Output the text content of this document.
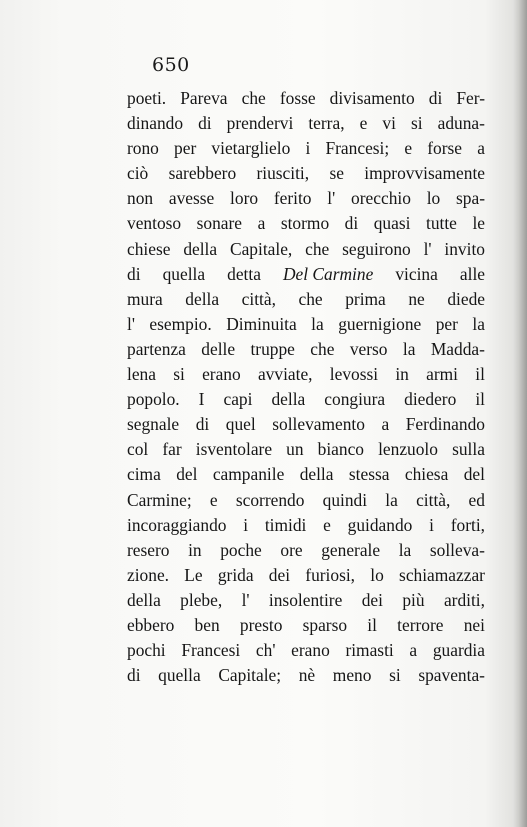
650
poeti. Pareva che fosse divisamento di Fer-
dinando di prendervi terra, e vi si aduna-
rono per vietarglielo i Francesi; e forse a
ciò sarebbero riusciti, se improvvisamente
non avesse loro ferito l' orecchio lo spa-
ventoso sonare a stormo di quasi tutte le
chiese della Capitale, che seguirono l' invito
di quella detta Del Carmine vicina alle
mura della città, che prima ne diede
l' esempio. Diminuita la guernigione per la
partenza delle truppe che verso la Madda-
lena si erano avviate, levossi in armi il
popolo. I capi della congiura diedero il
segnale di quel sollevamento a Ferdinando
col far isventolare un bianco lenzuolo sulla
cima del campanile della stessa chiesa del
Carmine; e scorrendo quindi la città, ed
incoraggiando i timidi e guidando i forti,
resero in poche ore generale la solleva-
zione. Le grida dei furiosi, lo schiamazzar
della plebe, l' insolentire dei più arditi,
ebbero ben presto sparso il terrore nei
pochi Francesi ch' erano rimasti a guardia
di quella Capitale; nè meno si spaventa-
